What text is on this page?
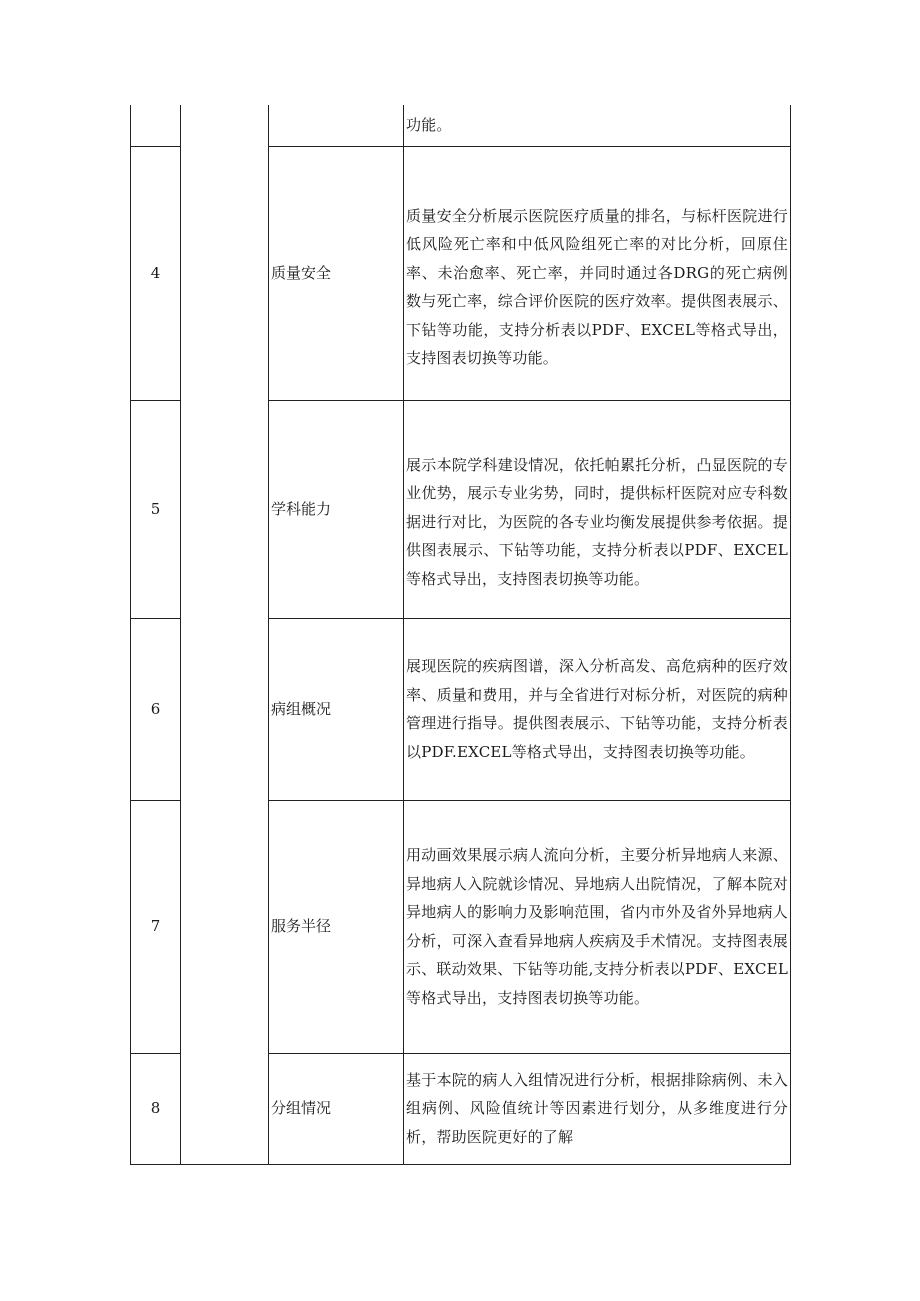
			功能。
4		质量安全	质量安全分析展示医院医疗质量的排名，与标杆医院进行低风险死亡率和中低风险组死亡率的对比分析，回原住率、未治愈率、死亡率，并同时通过各DRG的死亡病例数与死亡率，综合评价医院的医疗效率。提供图表展示、下钻等功能，支持分析表以PDF、EXCEL等格式导出，支持图表切换等功能。
5		学科能力	展示本院学科建设情况，依托帕累托分析，凸显医院的专业优势，展示专业劣势，同时，提供标杆医院对应专科数据进行对比，为医院的各专业均衡发展提供参考依据。提供图表展示、下钻等功能，支持分析表以PDF、EXCEL等格式导出，支持图表切换等功能。
6		病组概况	展现医院的疾病图谱，深入分析高发、高危病种的医疗效率、质量和费用，并与全省进行对标分析，对医院的病种管理进行指导。提供图表展示、下钻等功能，支持分析表以PDF.EXCEL等格式导出，支持图表切换等功能。
7		服务半径	用动画效果展示病人流向分析，主要分析异地病人来源、异地病人入院就诊情况、异地病人出院情况，了解本院对异地病人的影响力及影响范围，省内市外及省外异地病人分析，可深入查看异地病人疾病及手术情况。支持图表展示、联动效果、下钻等功能,支持分析表以PDF、EXCEL等格式导出，支持图表切换等功能。
8		分组情况	基于本院的病人入组情况进行分析，根据排除病例、未入组病例、风险值统计等因素进行划分，从多维度进行分析，帮助医院更好的了解
